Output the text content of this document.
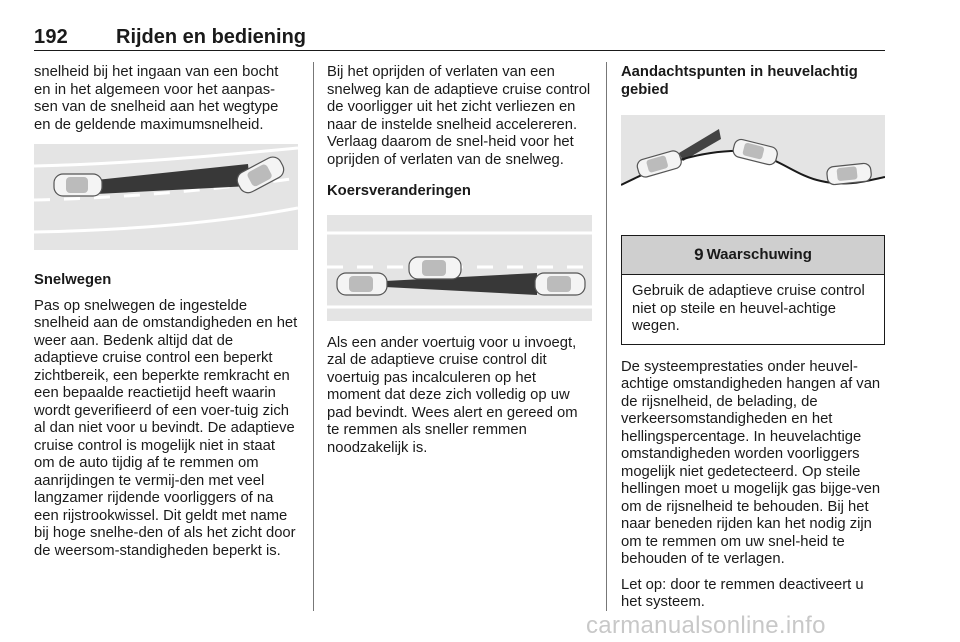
192 Rijden en bediening

snelheid bij het ingaan van een bocht en in het algemeen voor het aanpas-sen van de snelheid aan het wegtype en de geldende maximumsnelheid.

Snelwegen

Pas op snelwegen de ingestelde snelheid aan de omstandigheden en het weer aan. Bedenk altijd dat de adaptieve cruise control een beperkt zichtbereik, een beperkte remkracht en een bepaalde reactietijd heeft waarin wordt geverifieerd of een voer-tuig zich al dan niet voor u bevindt. De adaptieve cruise control is mogelijk niet in staat om de auto tijdig af te remmen om aanrijdingen te vermij-den met veel langzamer rijdende voorliggers of na een rijstrookwissel. Dit geldt met name bij hoge snelhe-den of als het zicht door de weersom-standigheden beperkt is.

Bij het oprijden of verlaten van een snelweg kan de adaptieve cruise control de voorligger uit het zicht verliezen en naar de instelde snelheid accelereren. Verlaag daarom de snel-heid voor het oprijden of verlaten van de snelweg.

Koersveranderingen

Als een ander voertuig voor u invoegt, zal de adaptieve cruise control dit voertuig pas incalculeren op het moment dat deze zich volledig op uw pad bevindt. Wees alert en gereed om te remmen als sneller remmen noodzakelijk is.

Aandachtspunten in heuvelachtig gebied

9 Waarschuwing
Gebruik de adaptieve cruise control niet op steile en heuvel-achtige wegen.

De systeemprestaties onder heuvel-achtige omstandigheden hangen af van de rijsnelheid, de belading, de verkeersomstandigheden en het hellingspercentage. In heuvelachtige omstandigheden worden voorliggers mogelijk niet gedetecteerd. Op steile hellingen moet u mogelijk gas bijge-ven om de rijsnelheid te behouden. Bij het naar beneden rijden kan het nodig zijn om te remmen om uw snel-heid te behouden of te verlagen.

Let op: door te remmen deactiveert u het systeem.

carmanualsonline.info
